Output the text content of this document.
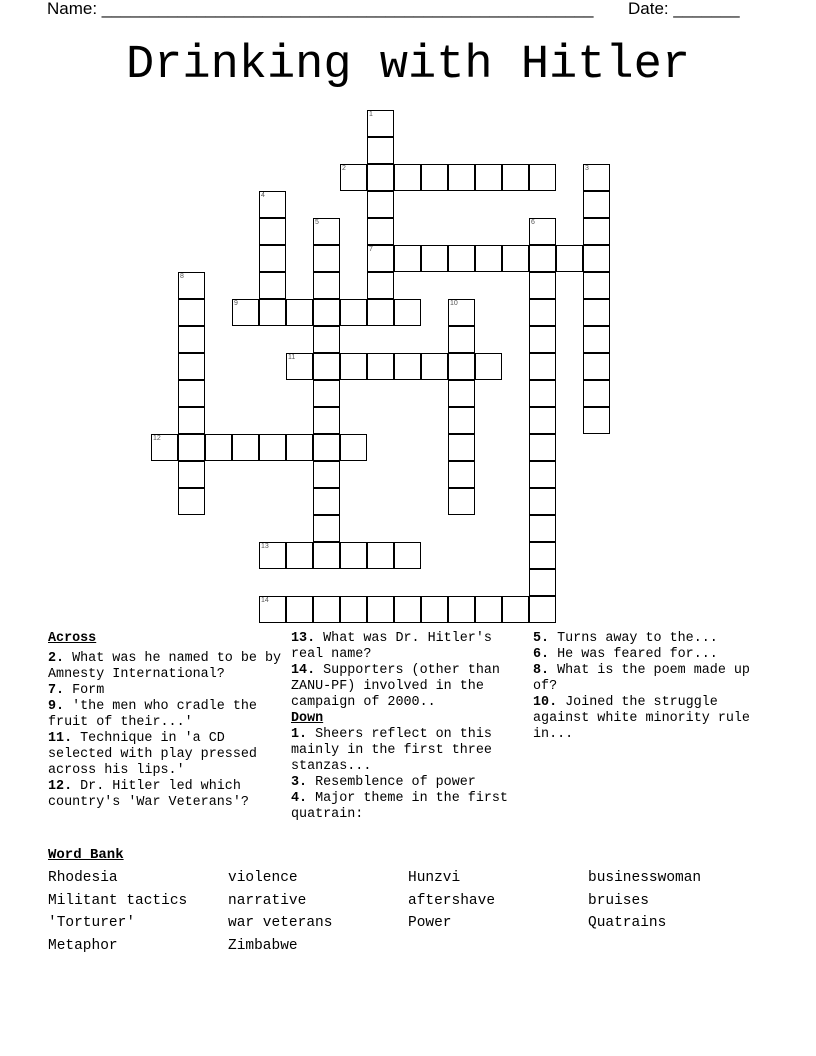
Name: ____________________________________________________ Date: _______
Drinking with Hitler
1
7
2	3
4
5	6
8
9	10
11
12
13
14
Across

2. What was he named to be by Amnesty International?

7. Form

9. 'the men who cradle the fruit of their...'

11. Technique in 'a CD selected with play pressed across his lips.'

12. Dr. Hitler led which country's 'War Veterans'?

13. What was Dr. Hitler's real name?

14. Supporters (other than ZANU-PF) involved in the campaign of 2000..

Down

1. Sheers reflect on this mainly in the first three stanzas...

3. Resemblence of power

4. Major theme in the first quatrain:

5. Turns away to the...

6. He was feared for...

8. What is the poem made up of?

10. Joined the struggle against white minority rule in...

Word Bank
Rhodesia	violence	Hunzvi	businesswoman
Militant tactics	narrative	aftershave	bruises
'Torturer'	war veterans	Power	Quatrains
Metaphor	Zimbabwe
